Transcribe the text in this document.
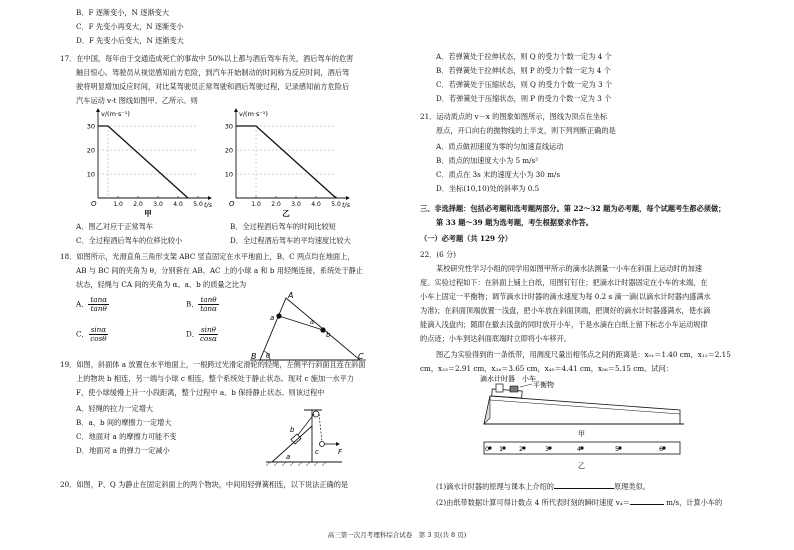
B．F 逐渐变小，N 逐渐变大
C．F 先变小再变大，N 逐渐变小
D．F 先变小后变大，N 逐渐变大
17．在中国，每年由于交通造成死亡的事故中 50%以上都与酒后驾车有关，酒后驾车的危害
触目惊心。驾驶员从视觉感知前方危险，到汽车开始制动的时间称为反应时间，酒后驾
驶将明显增加反应时间，对比某驾驶员正常驾驶和酒后驾驶过程，记录感知前方危险后
汽车运动 v-t 图线如图甲、乙所示。则
30
20
10
1.0 2.0 3.0 4.0 5.0
O
v/(m·s⁻¹)
t/s
甲
30
20
10
1.0 2.0 3.0 4.0 5.0
O
v/(m·s⁻¹)
t/s
乙
A．图乙对应于正常驾车	B．全过程酒后驾车的时间比较短
C．全过程酒后驾车的位移比较小	D．全过程酒后驾车的平均速度比较大
18．如图所示，光滑直角三角形支架 ABC 竖直固定在水平地面上，B、C 两点均在地面上，
AB 与 BC 间的夹角为 θ，分别套在 AB、AC 上的小球 a 和 b 用轻绳连接，系统处于静止
状态，轻绳与 CA 间的夹角为 α。a、b 的质量之比为
A． $\frac{\tan\alpha}{\tan\theta}$	B． $\frac{\tan\theta}{\tan\alpha}$
C． $\frac{\sin\alpha}{\cos\theta}$	D． $\frac{\sin\theta}{\cos\alpha}$
A
B	C
a
b
α
θ
19．如图，斜面体 a 放置在水平地面上，一根跨过光滑定滑轮的轻绳，左侧平行斜面且连在斜面
上的物块 b 相连，另一端与小球 c 相连，整个系统处于静止状态。现对 c 施加一水平力
F，使小球缓慢上升一小段距离，整个过程中 a、b 保持静止状态。则该过程中
A．轻绳的拉力一定增大
B．a、b 间的摩擦力一定增大
C．地面对 a 的摩擦力可能不变
D．地面对 a 的弹力一定减小
a
b
c	F
20．如图，P、Q 为静止在固定斜面上的两个物块，中间用轻弹簧相连，以下说法正确的是
A．若弹簧处于拉伸状态，则 Q 的受力个数一定为 4 个
B．若弹簧处于拉伸状态，则 P 的受力个数一定为 4 个
C．若弹簧处于压缩状态，则 Q 的受力个数一定为 3 个
D．若弹簧处于压缩状态，则 P 的受力个数一定为 3 个
21．运动质点的 v－x 的图象如图所示，图线为顶点在坐标
原点，开口向右的抛物线的上半支，则下列判断正确的是
A．质点做初速度为零的匀加速直线运动
B．质点的加速度大小为 5 m/s²
C．质点在 3s 末的速度大小为 30 m/s
D．坐标(10,10)处的斜率为 0.5
三、非选择题：包括必考题和选考题两部分。第 22～32 题为必考题，每个试题考生都必须做；
第 33 题～39 题为选考题，考生根据要求作答。
（一）必考题（共 129 分）
22．(6 分)
某校研究性学习小组的同学用如图甲所示的滴水法测量一小车在斜面上运动时的加速
度。实验过程如下：在斜面上铺上白纸，用图钉钉住；把滴水计时器固定在小车的末端，在
小车上固定一平衡物；调节滴水计时器的滴水速度为每 0.2 s 滴一滴(以滴水计时器内盛满水
为准)；在斜面顶端放置一浅盘，把小车放在斜面顶端，把调好的滴水计时器盛满水，使水滴
能滴入浅盘内；随即在撤去浅盘的同时放开小车，于是水滴在白纸上留下标志小车运动规律
的点迹；小车到达斜面底端时立即将小车移开。
图乙为实验得到的一条纸带，用测度尺量出相邻点之间的距离是：x₀₁＝1.40 cm，x₁₂＝2.15
cm，x₂₃＝2.91 cm，x₃₄＝3.65 cm，x₄₅＝4.41 cm，x₅₆＝5.15 cm。试问：
滴水计时器 小车
平衡物
甲
0 1 2	3	4	5	6
乙
(1)滴水计时器的原理与课本上介绍的	原理类似。
(2)由纸带数据计算可得计数点 4 所代表时刻的瞬时速度 v₄＝	m/s，计算小车的
高三第一次月考理科综合试卷　第 3 页(共 8 页)
